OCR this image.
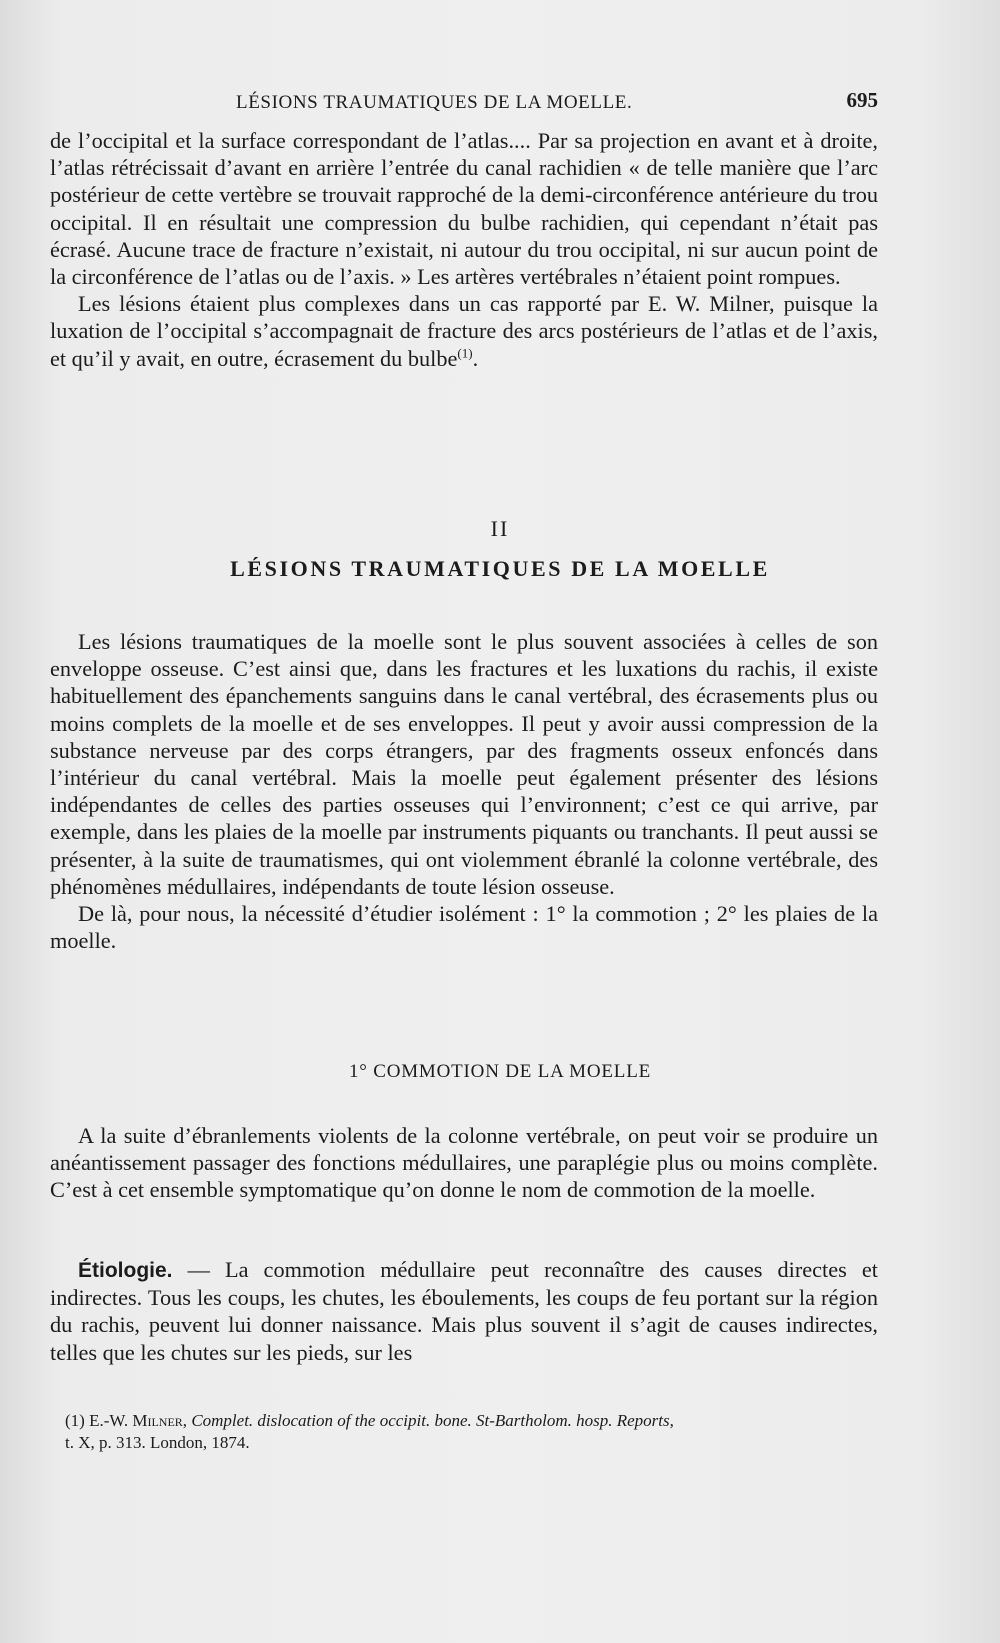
LÉSIONS TRAUMATIQUES DE LA MOELLE.	695

de l’occipital et la surface correspondant de l’atlas.... Par sa projection en avant et à droite, l’atlas rétrécissait d’avant en arrière l’entrée du canal rachidien « de telle manière que l’arc postérieur de cette vertèbre se trouvait rapproché de la demi-circonférence antérieure du trou occipital. Il en résultait une compression du bulbe rachidien, qui cependant n’était pas écrasé. Aucune trace de fracture n’existait, ni autour du trou occipital, ni sur aucun point de la circonférence de l’atlas ou de l’axis. » Les artères vertébrales n’étaient point rompues.

Les lésions étaient plus complexes dans un cas rapporté par E. W. Milner, puisque la luxation de l’occipital s’accompagnait de fracture des arcs postérieurs de l’atlas et de l’axis, et qu’il y avait, en outre, écrasement du bulbe$^{(1)}$.

II
LÉSIONS TRAUMATIQUES DE LA MOELLE

Les lésions traumatiques de la moelle sont le plus souvent associées à celles de son enveloppe osseuse. C’est ainsi que, dans les fractures et les luxations du rachis, il existe habituellement des épanchements sanguins dans le canal vertébral, des écrasements plus ou moins complets de la moelle et de ses enveloppes. Il peut y avoir aussi compression de la substance nerveuse par des corps étrangers, par des fragments osseux enfoncés dans l’intérieur du canal vertébral. Mais la moelle peut également présenter des lésions indépendantes de celles des parties osseuses qui l’environnent; c’est ce qui arrive, par exemple, dans les plaies de la moelle par instruments piquants ou tranchants. Il peut aussi se présenter, à la suite de traumatismes, qui ont violemment ébranlé la colonne vertébrale, des phénomènes médullaires, indépendants de toute lésion osseuse.

De là, pour nous, la nécessité d’étudier isolément : 1° la commotion ; 2° les plaies de la moelle.

1° COMMOTION DE LA MOELLE

A la suite d’ébranlements violents de la colonne vertébrale, on peut voir se produire un anéantissement passager des fonctions médullaires, une paraplégie plus ou moins complète. C’est à cet ensemble symptomatique qu’on donne le nom de commotion de la moelle.

Étiologie. — La commotion médullaire peut reconnaître des causes directes et indirectes. Tous les coups, les chutes, les éboulements, les coups de feu portant sur la région du rachis, peuvent lui donner naissance. Mais plus souvent il s’agit de causes indirectes, telles que les chutes sur les pieds, sur les

(1) E.-W. Milner, Complet. dislocation of the occipit. bone. St-Bartholom. hosp. Reports,
t. X, p. 313. London, 1874.
